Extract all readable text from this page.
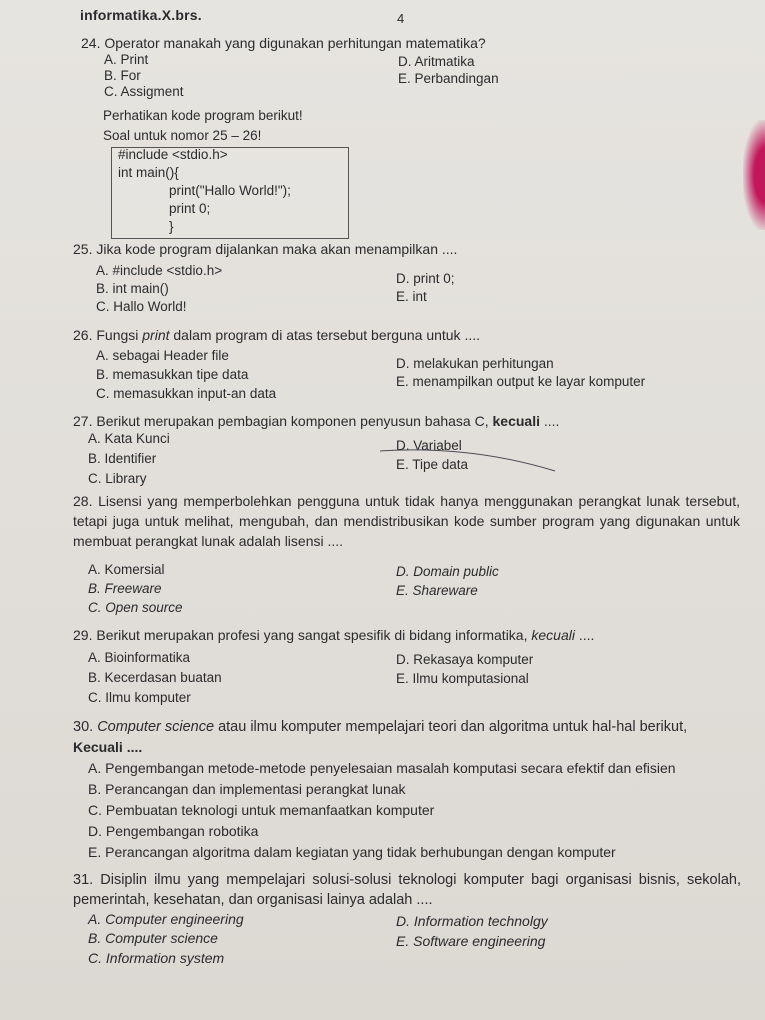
informatika.X.brs.	4
24. Operator manakah yang digunakan perhitungan matematika?
A. Print
B. For
C. Assigment
D. Aritmatika
E. Perbandingan
Perhatikan kode program berikut!
Soal untuk nomor 25 – 26!
#include <stdio.h>
int main(){
print("Hallo World!");
print 0;
}
25. Jika kode program dijalankan maka akan menampilkan ....
A. #include <stdio.h>
B. int main()
C. Hallo World!
D. print 0;
E. int
26. Fungsi print dalam program di atas tersebut berguna untuk ....
A. sebagai Header file
B. memasukkan tipe data
C. memasukkan input-an data
D. melakukan perhitungan
E. menampilkan output ke layar komputer
27. Berikut merupakan pembagian komponen penyusun bahasa C, kecuali ....
A. Kata Kunci
B. Identifier
C. Library
D. Variabel
E. Tipe data
28. Lisensi yang memperbolehkan pengguna untuk tidak hanya menggunakan perangkat lunak tersebut, tetapi juga untuk melihat, mengubah, dan mendistribusikan kode sumber program yang digunakan untuk membuat perangkat lunak adalah lisensi ....
A. Komersial
B. Freeware
C. Open source
D. Domain public
E. Shareware
29. Berikut merupakan profesi yang sangat spesifik di bidang informatika, kecuali ....
A. Bioinformatika
B. Kecerdasan buatan
C. Ilmu komputer
D. Rekasaya komputer
E. Ilmu komputasional
30. Computer science atau ilmu komputer mempelajari teori dan algoritma untuk hal-hal berikut,
Kecuali ....
A. Pengembangan metode-metode penyelesaian masalah komputasi secara efektif dan efisien
B. Perancangan dan implementasi perangkat lunak
C. Pembuatan teknologi untuk memanfaatkan komputer
D. Pengembangan robotika
E. Perancangan algoritma dalam kegiatan yang tidak berhubungan dengan komputer
31. Disiplin ilmu yang mempelajari solusi-solusi teknologi komputer bagi organisasi bisnis, sekolah, pemerintah, kesehatan, dan organisasi lainya adalah ....
A. Computer engineering
B. Computer science
C. Information system
D. Information technolgy
E. Software engineering
